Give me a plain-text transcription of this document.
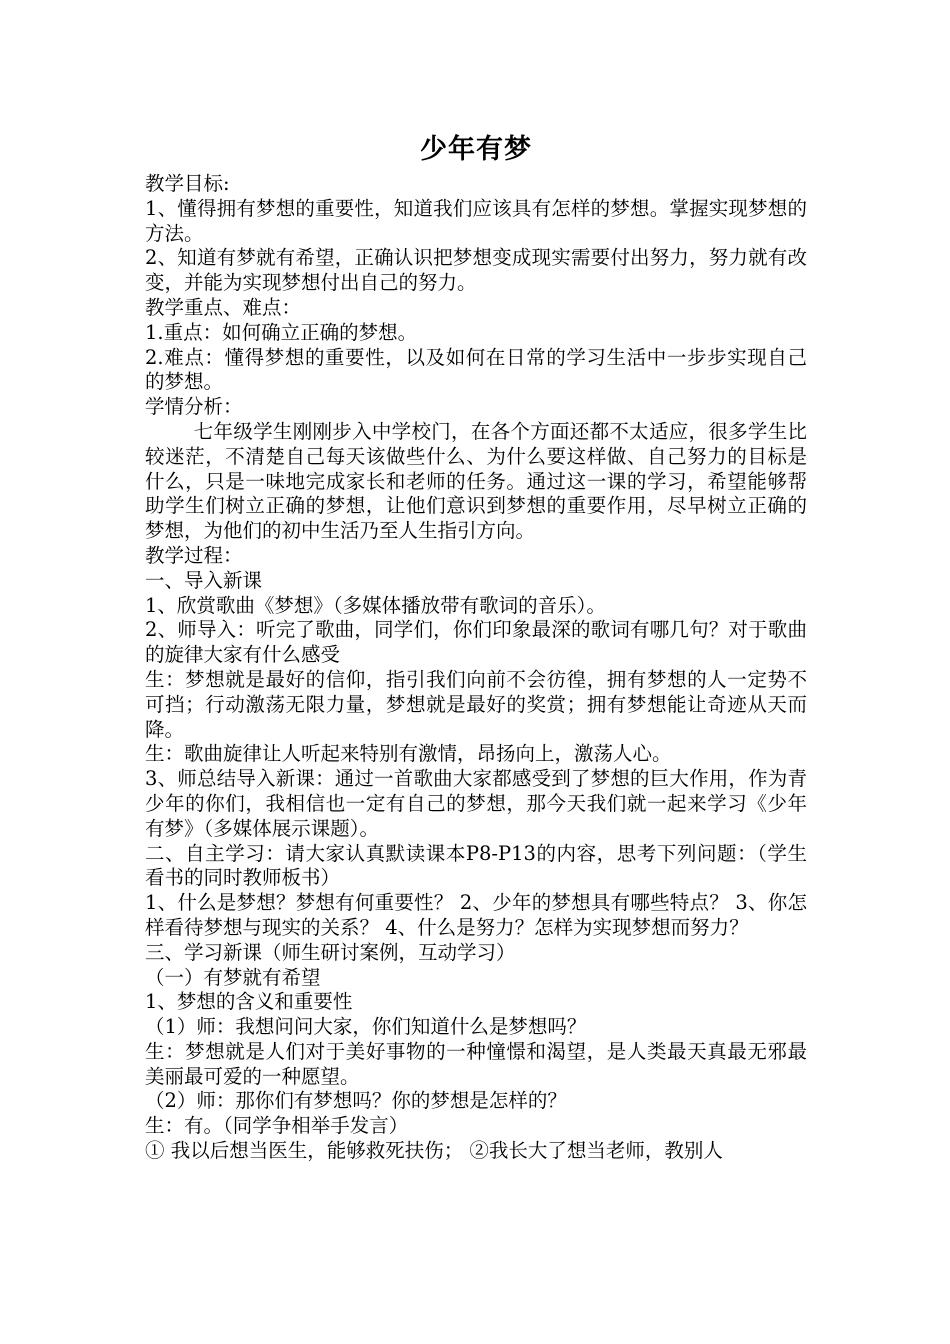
少年有梦

教学目标:

1、懂得拥有梦想的重要性，知道我们应该具有怎样的梦想。掌握实现梦想的方法。

2、知道有梦就有希望，正确认识把梦想变成现实需要付出努力，努力就有改变，并能为实现梦想付出自己的努力。

教学重点、难点：

1.重点：如何确立正确的梦想。

2.难点：懂得梦想的重要性，以及如何在日常的学习生活中一步步实现自己的梦想。

学情分析：

七年级学生刚刚步入中学校门，在各个方面还都不太适应，很多学生比较迷茫，不清楚自己每天该做些什么、为什么要这样做、自己努力的目标是什么，只是一味地完成家长和老师的任务。通过这一课的学习，希望能够帮助学生们树立正确的梦想，让他们意识到梦想的重要作用，尽早树立正确的梦想，为他们的初中生活乃至人生指引方向。

教学过程：

一、导入新课

1、欣赏歌曲《梦想》（多媒体播放带有歌词的音乐）。

2、师导入：听完了歌曲，同学们，你们印象最深的歌词有哪几句？对于歌曲的旋律大家有什么感受

生：梦想就是最好的信仰，指引我们向前不会彷徨，拥有梦想的人一定势不可挡；行动激荡无限力量，梦想就是最好的奖赏；拥有梦想能让奇迹从天而降。

生：歌曲旋律让人听起来特别有激情，昂扬向上，激荡人心。

3、师总结导入新课：通过一首歌曲大家都感受到了梦想的巨大作用，作为青少年的你们，我相信也一定有自己的梦想，那今天我们就一起来学习《少年有梦》（多媒体展示课题）。

二、自主学习：请大家认真默读课本P8-P13的内容，思考下列问题：（学生看书的同时教师板书）

1、什么是梦想？梦想有何重要性？ 2、少年的梦想具有哪些特点？ 3、你怎样看待梦想与现实的关系？ 4、什么是努力？怎样为实现梦想而努力？

三、学习新课（师生研讨案例，互动学习）

（一）有梦就有希望

1、梦想的含义和重要性

（1）师：我想问问大家，你们知道什么是梦想吗？

生：梦想就是人们对于美好事物的一种憧憬和渴望，是人类最天真最无邪最美丽最可爱的一种愿望。

（2）师：那你们有梦想吗？你的梦想是怎样的？

生：有。（同学争相举手发言）

① 我以后想当医生，能够救死扶伤； ②我长大了想当老师，教别人
